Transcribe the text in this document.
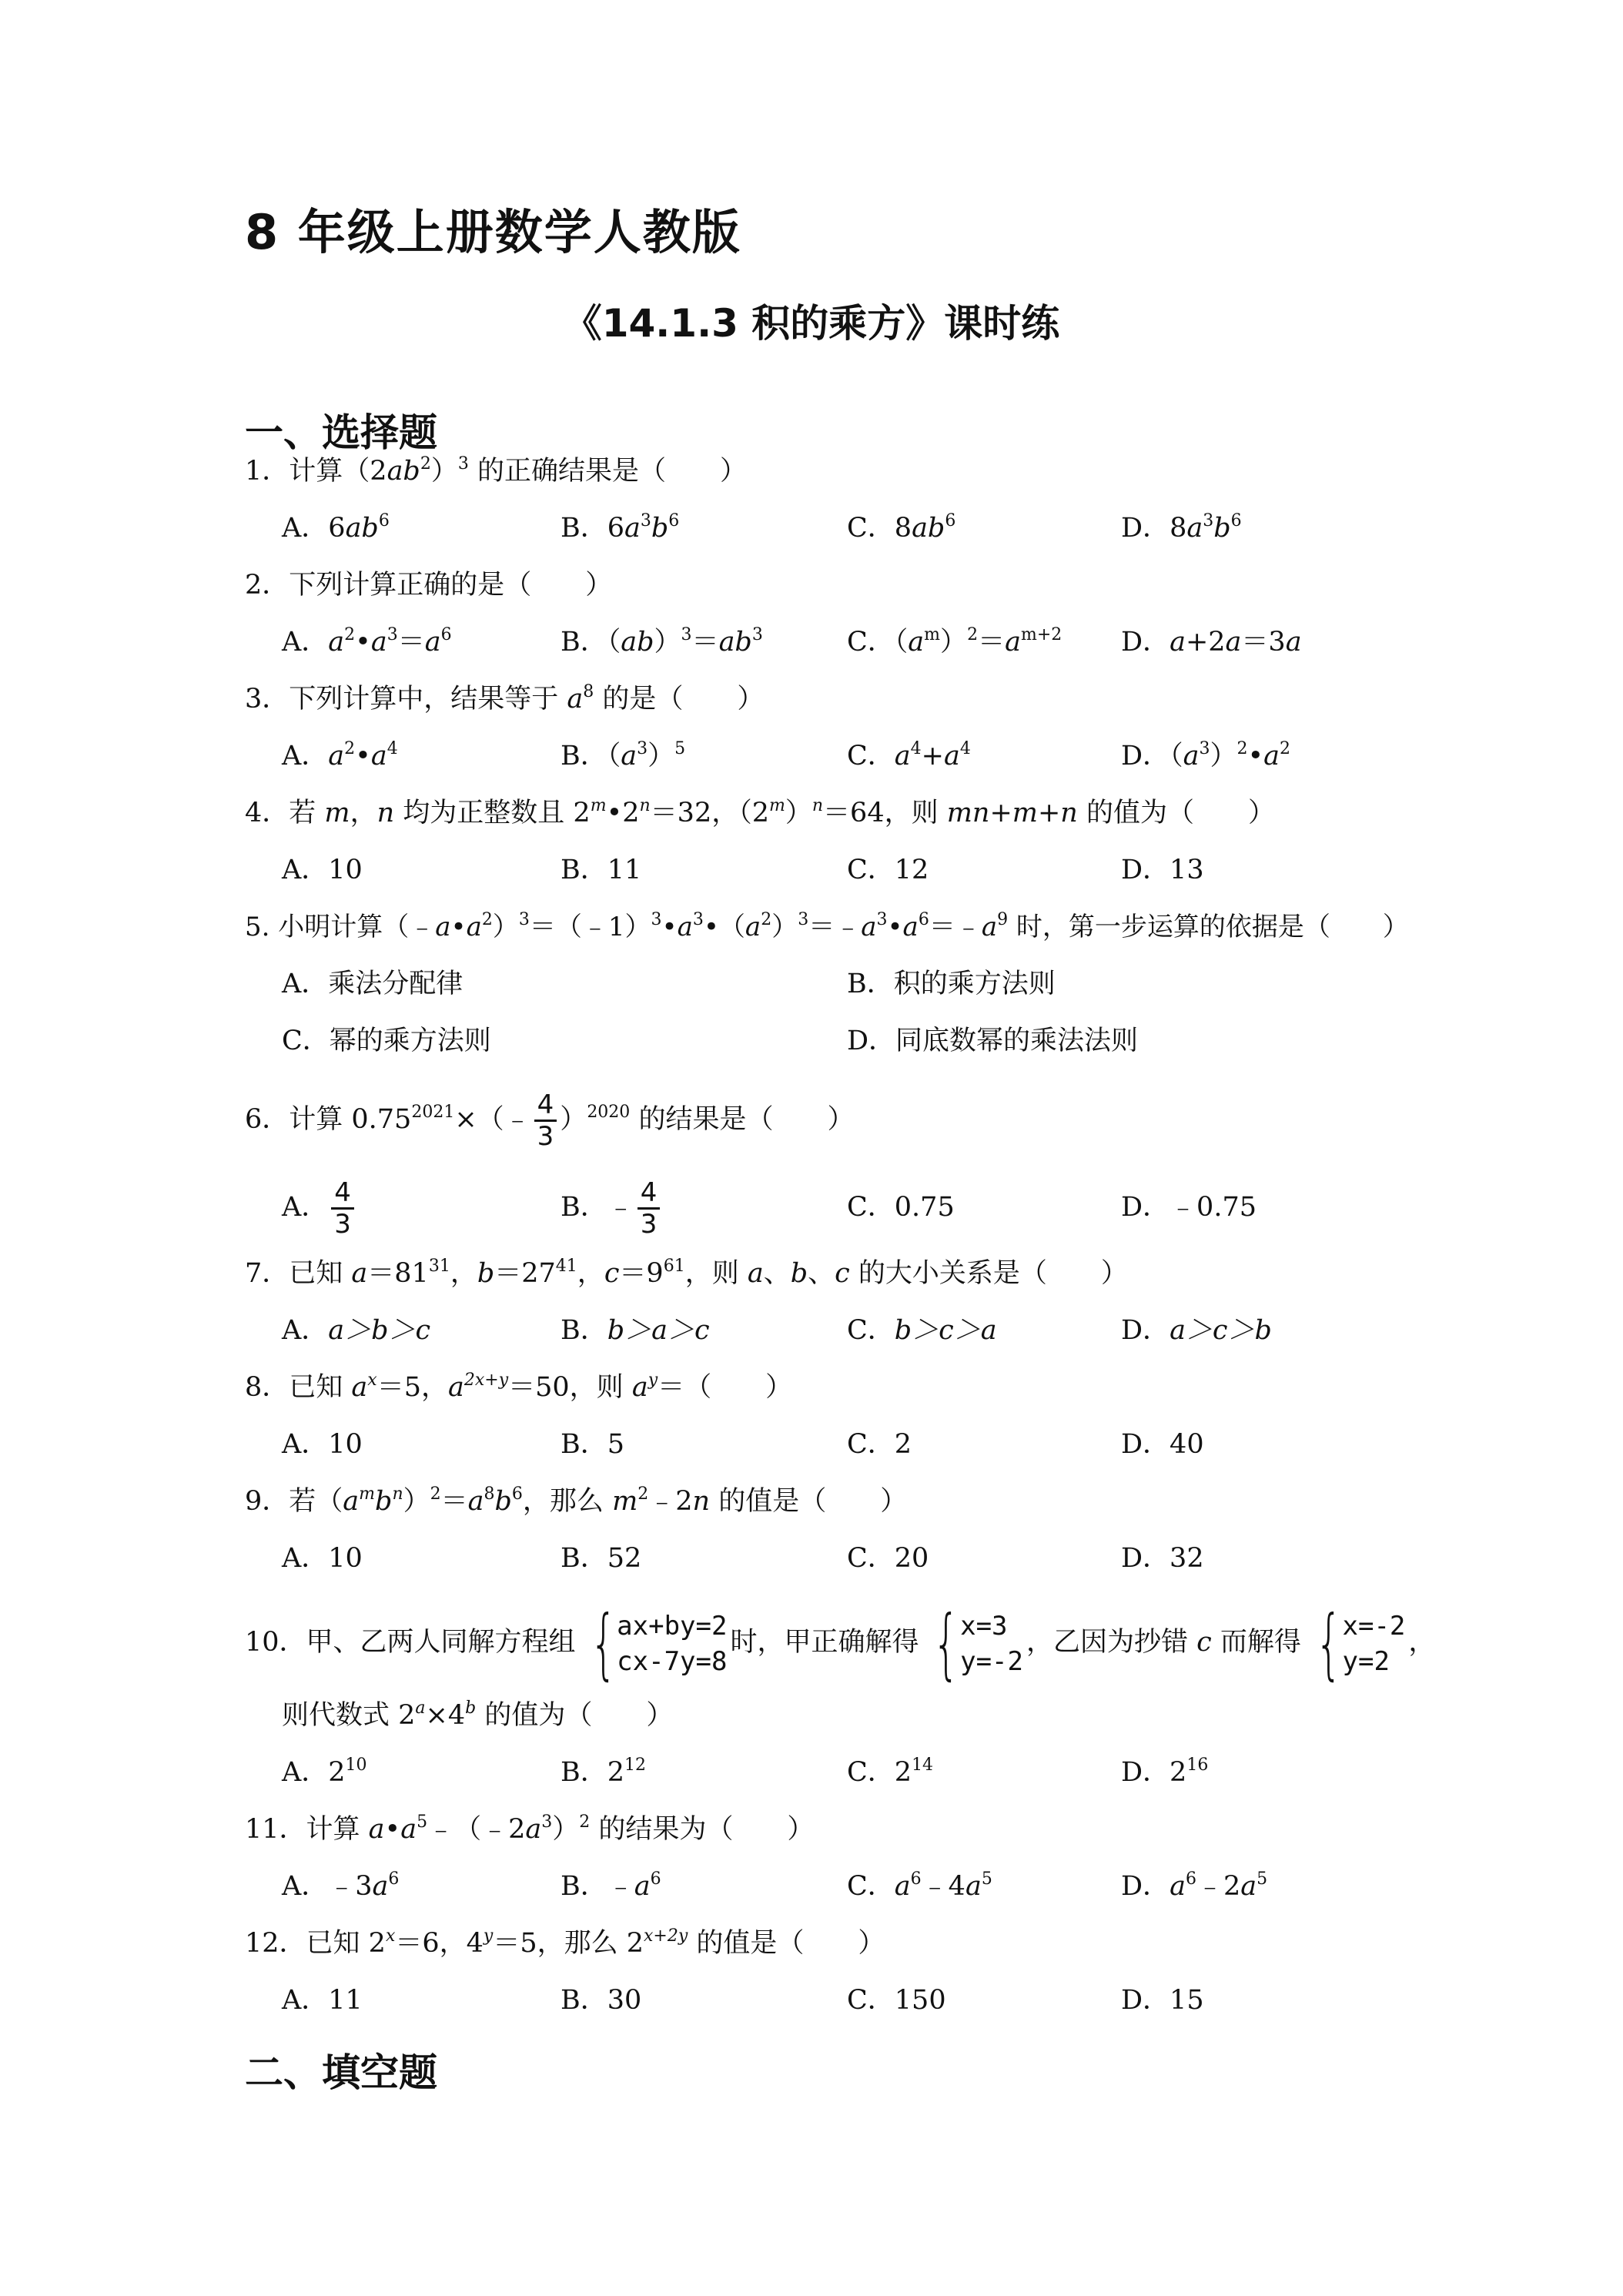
8 年级上册数学人教版
《14.1.3 积的乘方》课时练
一、选择题
1．计算$(2ab^2)^3$ 的正确结果是（　　）
A．$6ab^6$	B．$6a^3b^6$	C．$8ab^6$	D．$8a^3b^6$
2．下列计算正确的是（　　）
A．$a^2•a^3=a^6$	B．$(ab)^3=ab^3$	C．$(a^m)^2=a^{m+2}$ D．a+2a＝3a
3．下列计算中，结果等于 $a^8$ 的是（　　）
A．$a^2•a^4$	B．$(a^3)^5$	C．$a^4+a^4$	D．$(a^3)^2•a^2$
4．若 m，n 均为正整数且 $2^m•2^n=32$，$(2^m)^n=64$，则 mn+m+n 的值为（　　）
A．10	B．11	C．12	D．13
5. 小明计算$(﹣a•a^2)^3=(﹣1)^3•a^3•(a^2)^3=﹣a^3•a^6=﹣a^9$ 时，第一步运算的依据是（　　）
A．乘法分配律	B．积的乘方法则
C．幂的乘方法则	D．同底数幂的乘法法则
6．计算 $0.75^{2021}\times(﹣ \frac{4}{3} )^{2020}$ 的结果是（　　）
A． $\frac{4}{3}$	B．﹣ $\frac{4}{3}$	C．0.75	D．﹣0.75
7．已知 $a=81^{31}$，$b=27^{41}$，$c=9^{61}$，则 a、b、c 的大小关系是（　　）
A．a＞b＞c	B．b＞a＞c	C．b＞c＞a	D．a＞c＞b
8．已知 $a^x=5$，$a^{2x+y}=50$，则 $a^y=$（　　）
A．10	B．5	C．2	D．40
9．若$(a^mb^n)^2=a^8b^6$，那么 $m^2﹣2n$ 的值是（　　）
A．10	B．52	C．20	D．32
10．甲、乙两人同解方程组 { ax+by=2
cx-7y=8
时，甲正确解得 { x=3
y=-2
，乙因为抄错 c 而解得 { x=-2
y=2
，
则代数式 $2^a\times 4^b$ 的值为（　　）
A．$2^{10}$	B．$2^{12}$	C．$2^{14}$	D．$2^{16}$
11．计算 $a•a^5﹣(﹣2a^3)^2$ 的结果为（　　）
A．$﹣3a^6$	B．$﹣a^6$	C．$a^6﹣4a^5$	D．$a^6﹣2a^5$
12．已知 $2^x=6$，$4^y=5$，那么 $2^{x+2y}$ 的值是（　　）
A．11	B．30	C．150	D．15
二、填空题
